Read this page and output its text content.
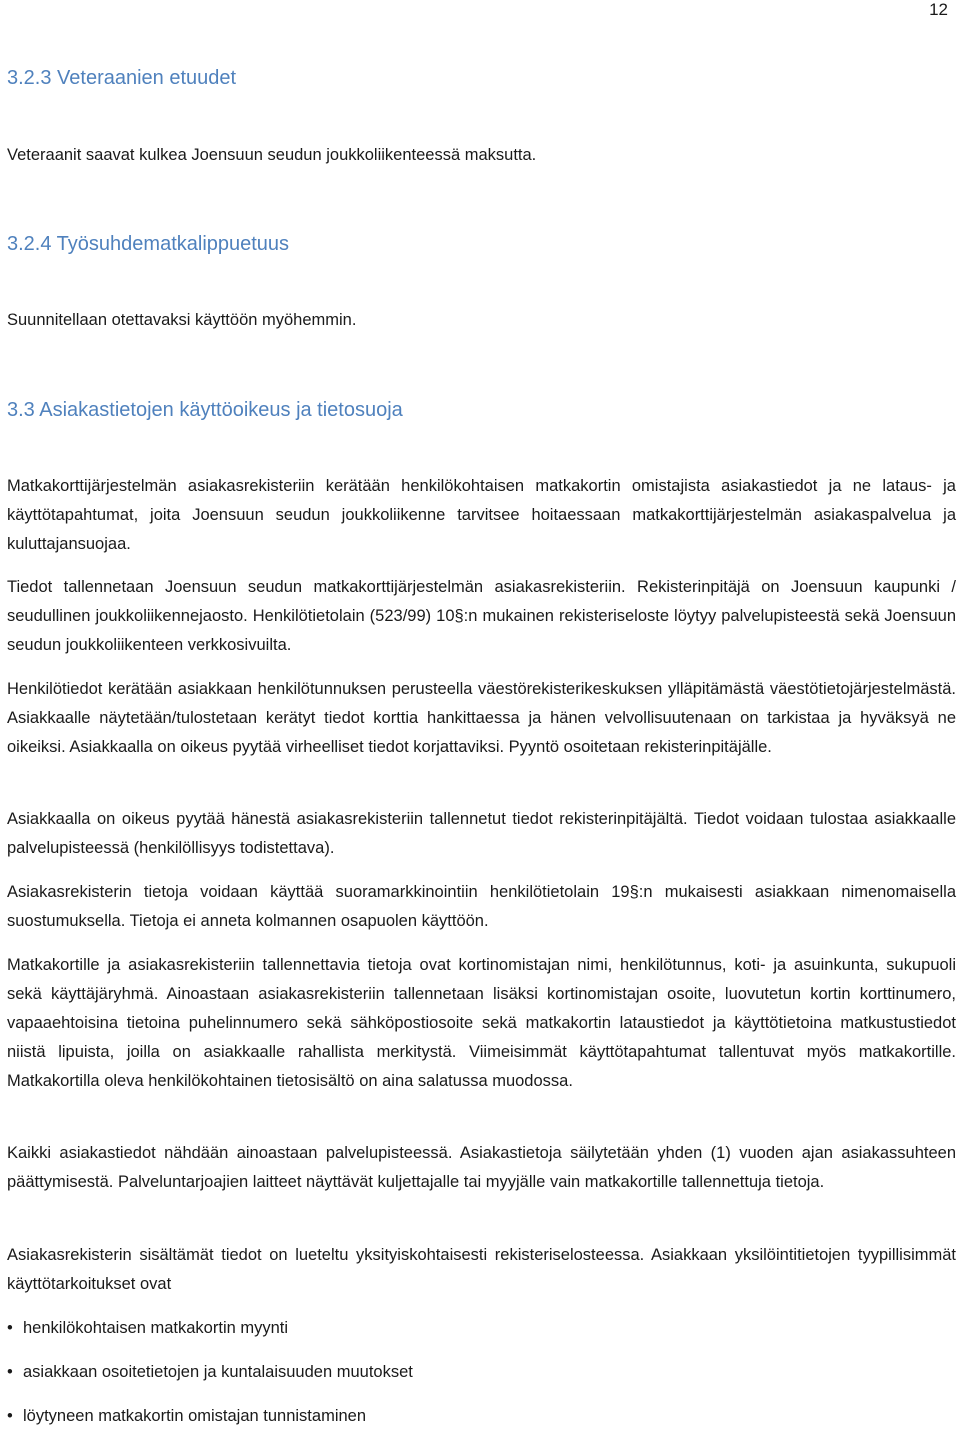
12
3.2.3 Veteraanien etuudet

Veteraanit saavat kulkea Joensuun seudun joukkoliikenteessä maksutta.

3.2.4 Työsuhdematkalippuetuus

Suunnitellaan otettavaksi käyttöön myöhemmin.

3.3 Asiakastietojen käyttöoikeus ja tietosuoja

Matkakorttijärjestelmän asiakasrekisteriin kerätään henkilökohtaisen matkakortin omistajista asiakastiedot ja ne lataus- ja käyttötapahtumat, joita Joensuun seudun joukkoliikenne tarvitsee hoitaessaan matkakorttijärjestelmän asiakaspalvelua ja kuluttajansuojaa.

Tiedot tallennetaan Joensuun seudun matkakorttijärjestelmän asiakasrekisteriin. Rekisterinpitäjä on Joensuun kaupunki / seudullinen joukkoliikennejaosto. Henkilötietolain (523/99) 10§:n mukainen rekisteriseloste löytyy palvelupisteestä sekä Joensuun seudun joukkoliikenteen verkkosivuilta.

Henkilötiedot kerätään asiakkaan henkilötunnuksen perusteella väestörekisterikeskuksen ylläpitämästä väestötietojärjestelmästä. Asiakkaalle näytetään/tulostetaan kerätyt tiedot korttia hankittaessa ja hänen velvollisuutenaan on tarkistaa ja hyväksyä ne oikeiksi. Asiakkaalla on oikeus pyytää virheelliset tiedot korjattaviksi. Pyyntö osoitetaan rekisterinpitäjälle.

Asiakkaalla on oikeus pyytää hänestä asiakasrekisteriin tallennetut tiedot rekisterinpitäjältä. Tiedot voidaan tulostaa asiakkaalle palvelupisteessä (henkilöllisyys todistettava).

Asiakasrekisterin tietoja voidaan käyttää suoramarkkinointiin henkilötietolain 19§:n mukaisesti asiakkaan nimenomaisella suostumuksella. Tietoja ei anneta kolmannen osapuolen käyttöön.

Matkakortille ja asiakasrekisteriin tallennettavia tietoja ovat kortinomistajan nimi, henkilötunnus, koti- ja asuinkunta, sukupuoli sekä käyttäjäryhmä. Ainoastaan asiakasrekisteriin tallennetaan lisäksi kortinomistajan osoite, luovutetun kortin korttinumero, vapaaehtoisina tietoina puhelinnumero sekä sähköpostiosoite sekä matkakortin lataustiedot ja käyttötietoina matkustustiedot niistä lipuista, joilla on asiakkaalle rahallista merkitystä. Viimeisimmät käyttötapahtumat tallentuvat myös matkakortille. Matkakortilla oleva henkilökohtainen tietosisältö on aina salatussa muodossa.

Kaikki asiakastiedot nähdään ainoastaan palvelupisteessä. Asiakastietoja säilytetään yhden (1) vuoden ajan asiakassuhteen päättymisestä. Palveluntarjoajien laitteet näyttävät kuljettajalle tai myyjälle vain matkakortille tallennettuja tietoja.

Asiakasrekisterin sisältämät tiedot on lueteltu yksityiskohtaisesti rekisteriselosteessa. Asiakkaan yksilöintitietojen tyypillisimmät käyttötarkoitukset ovat

• henkilökohtaisen matkakortin myynti
• asiakkaan osoitetietojen ja kuntalaisuuden muutokset
• löytyneen matkakortin omistajan tunnistaminen
